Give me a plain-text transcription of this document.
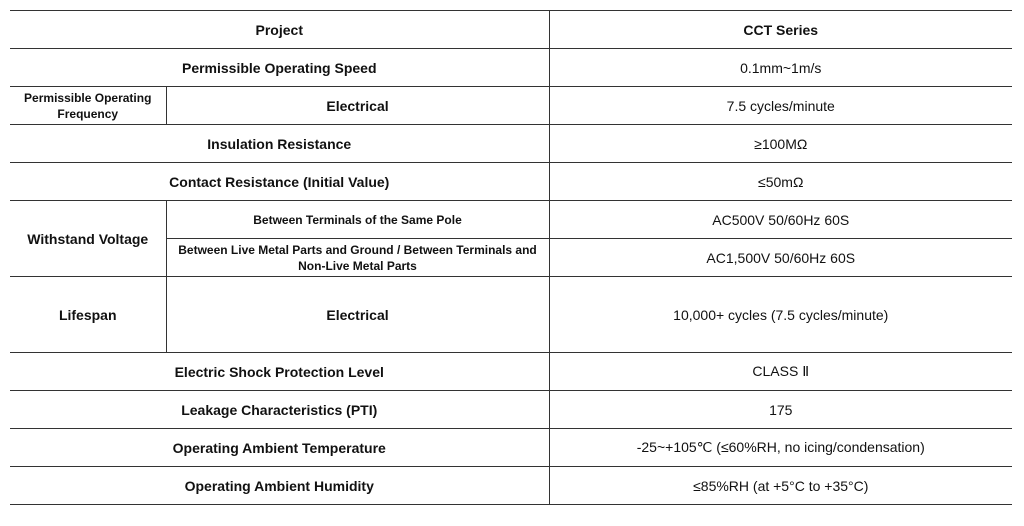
Project		CCT Series
Permissible Operating Speed		0.1mm~1m/s
Permissible Operating Frequency	Electrical	7.5 cycles/minute
Insulation Resistance		≥100MΩ
Contact Resistance (Initial Value)		≤50mΩ
Withstand Voltage	Between Terminals of the Same Pole	AC500V 50/60Hz 60S
	Between Live Metal Parts and Ground / Between Terminals and Non-Live Metal Parts	AC1,500V 50/60Hz 60S
Lifespan	Electrical	10,000+ cycles (7.5 cycles/minute)
Electric Shock Protection Level		CLASS Ⅱ
Leakage Characteristics (PTI)		175
Operating Ambient Temperature		-25~+105℃ (≤60%RH, no icing/condensation)
Operating Ambient Humidity		≤85%RH (at +5°C to +35°C)
